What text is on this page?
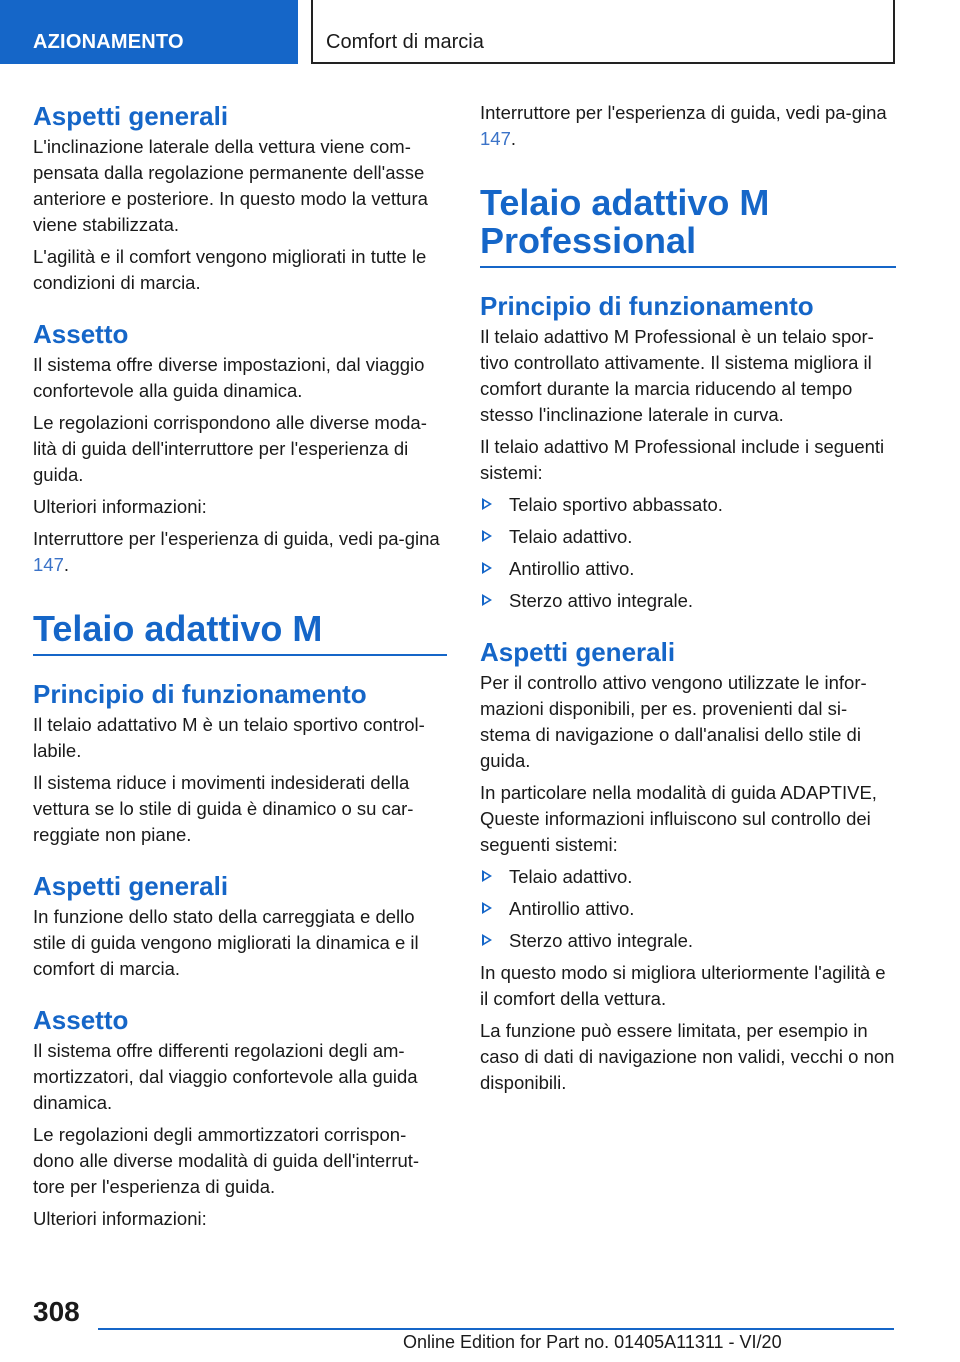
AZIONAMENTO	Comfort di marcia
Aspetti generali
L'inclinazione laterale della vettura viene com-pensata dalla regolazione permanente dell'asse anteriore e posteriore. In questo modo la vettura viene stabilizzata.
L'agilità e il comfort vengono migliorati in tutte le condizioni di marcia.
Assetto
Il sistema offre diverse impostazioni, dal viaggio confortevole alla guida dinamica.
Le regolazioni corrispondono alle diverse moda-lità di guida dell'interruttore per l'esperienza di guida.
Ulteriori informazioni:
Interruttore per l'esperienza di guida, vedi pa-gina 147.
Telaio adattivo M
Principio di funzionamento
Il telaio adattativo M è un telaio sportivo control-labile.
Il sistema riduce i movimenti indesiderati della vettura se lo stile di guida è dinamico o su car-reggiate non piane.
Aspetti generali
In funzione dello stato della carreggiata e dello stile di guida vengono migliorati la dinamica e il comfort di marcia.
Assetto
Il sistema offre differenti regolazioni degli am-mortizzatori, dal viaggio confortevole alla guida dinamica.
Le regolazioni degli ammortizzatori corrispon-dono alle diverse modalità di guida dell'interrut-tore per l'esperienza di guida.
Ulteriori informazioni:
Interruttore per l'esperienza di guida, vedi pa-gina 147.
Telaio adattivo M Professional
Principio di funzionamento
Il telaio adattivo M Professional è un telaio spor-tivo controllato attivamente. Il sistema migliora il comfort durante la marcia riducendo al tempo stesso l'inclinazione laterale in curva.
Il telaio adattivo M Professional include i seguenti sistemi:
Telaio sportivo abbassato.
Telaio adattivo.
Antirollio attivo.
Sterzo attivo integrale.
Aspetti generali
Per il controllo attivo vengono utilizzate le infor-mazioni disponibili, per es. provenienti dal si-stema di navigazione o dall'analisi dello stile di guida.
In particolare nella modalità di guida ADAPTIVE, Queste informazioni influiscono sul controllo dei seguenti sistemi:
Telaio adattivo.
Antirollio attivo.
Sterzo attivo integrale.
In questo modo si migliora ulteriormente l'agilità e il comfort della vettura.
La funzione può essere limitata, per esempio in caso di dati di navigazione non validi, vecchi o non disponibili.
308
Online Edition for Part no. 01405A11311 - VI/20
